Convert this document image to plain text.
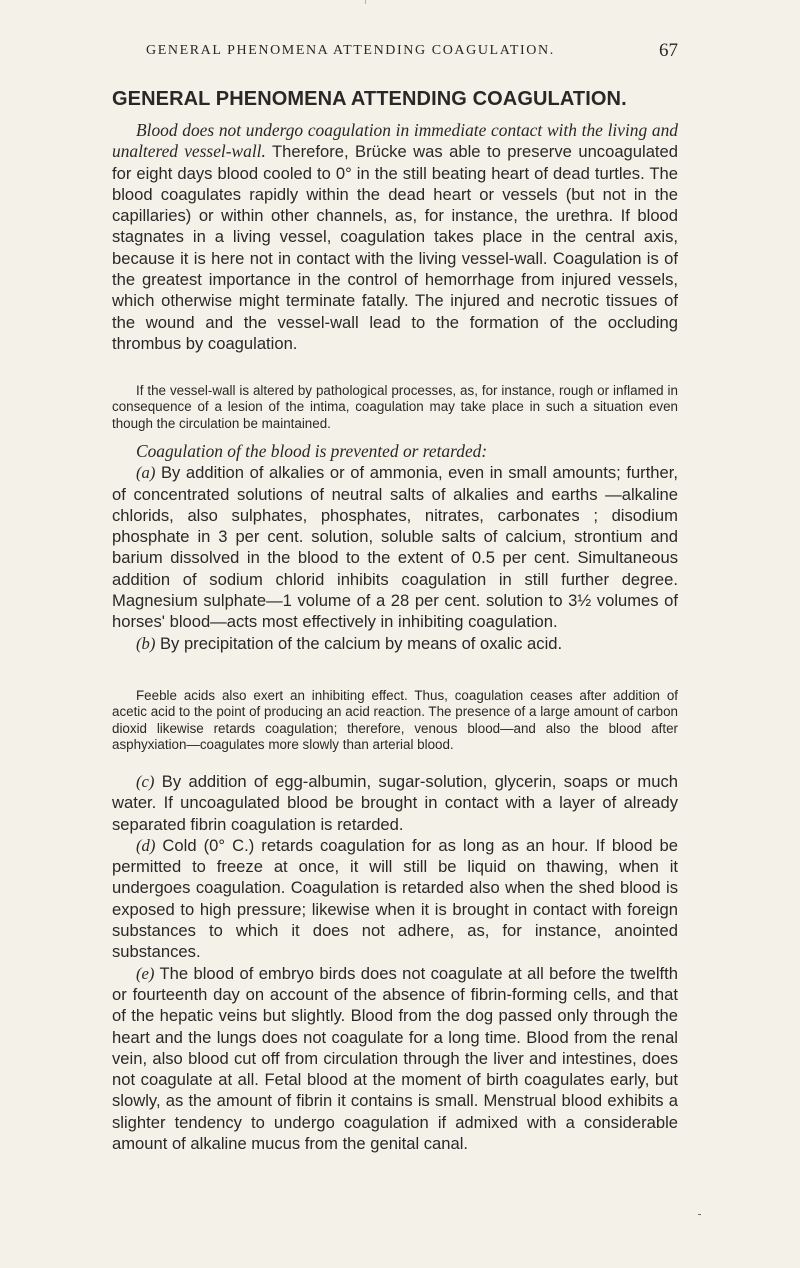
GENERAL PHENOMENA ATTENDING COAGULATION.	67
GENERAL PHENOMENA ATTENDING COAGULATION.

Blood does not undergo coagulation in immediate contact with the living and unaltered vessel-wall. Therefore, Brücke was able to preserve uncoagulated for eight days blood cooled to 0° in the still beating heart of dead turtles. The blood coagulates rapidly within the dead heart or vessels (but not in the capillaries) or within other channels, as, for instance, the urethra. If blood stagnates in a living vessel, coagulation takes place in the central axis, because it is here not in contact with the living vessel-wall. Coagulation is of the greatest importance in the control of hemorrhage from injured vessels, which otherwise might terminate fatally. The injured and necrotic tissues of the wound and the vessel-wall lead to the formation of the occluding thrombus by coagulation.

If the vessel-wall is altered by pathological processes, as, for instance, rough or inflamed in consequence of a lesion of the intima, coagulation may take place in such a situation even though the circulation be maintained.

Coagulation of the blood is prevented or retarded:

(a) By addition of alkalies or of ammonia, even in small amounts; further, of concentrated solutions of neutral salts of alkalies and earths —alkaline chlorids, also sulphates, phosphates, nitrates, carbonates ; disodium phosphate in 3 per cent. solution, soluble salts of calcium, strontium and barium dissolved in the blood to the extent of 0.5 per cent. Simultaneous addition of sodium chlorid inhibits coagulation in still further degree. Magnesium sulphate—1 volume of a 28 per cent. solution to 3½ volumes of horses' blood—acts most effectively in inhibiting coagulation.

(b) By precipitation of the calcium by means of oxalic acid.

Feeble acids also exert an inhibiting effect. Thus, coagulation ceases after addition of acetic acid to the point of producing an acid reaction. The presence of a large amount of carbon dioxid likewise retards coagulation; therefore, venous blood—and also the blood after asphyxiation—coagulates more slowly than arterial blood.

(c) By addition of egg-albumin, sugar-solution, glycerin, soaps or much water. If uncoagulated blood be brought in contact with a layer of already separated fibrin coagulation is retarded.

(d) Cold (0° C.) retards coagulation for as long as an hour. If blood be permitted to freeze at once, it will still be liquid on thawing, when it undergoes coagulation. Coagulation is retarded also when the shed blood is exposed to high pressure; likewise when it is brought in contact with foreign substances to which it does not adhere, as, for instance, anointed substances.

(e) The blood of embryo birds does not coagulate at all before the twelfth or fourteenth day on account of the absence of fibrin-forming cells, and that of the hepatic veins but slightly. Blood from the dog passed only through the heart and the lungs does not coagulate for a long time. Blood from the renal vein, also blood cut off from circulation through the liver and intestines, does not coagulate at all. Fetal blood at the moment of birth coagulates early, but slowly, as the amount of fibrin it contains is small. Menstrual blood exhibits a slighter tendency to undergo coagulation if admixed with a considerable amount of alkaline mucus from the genital canal.
